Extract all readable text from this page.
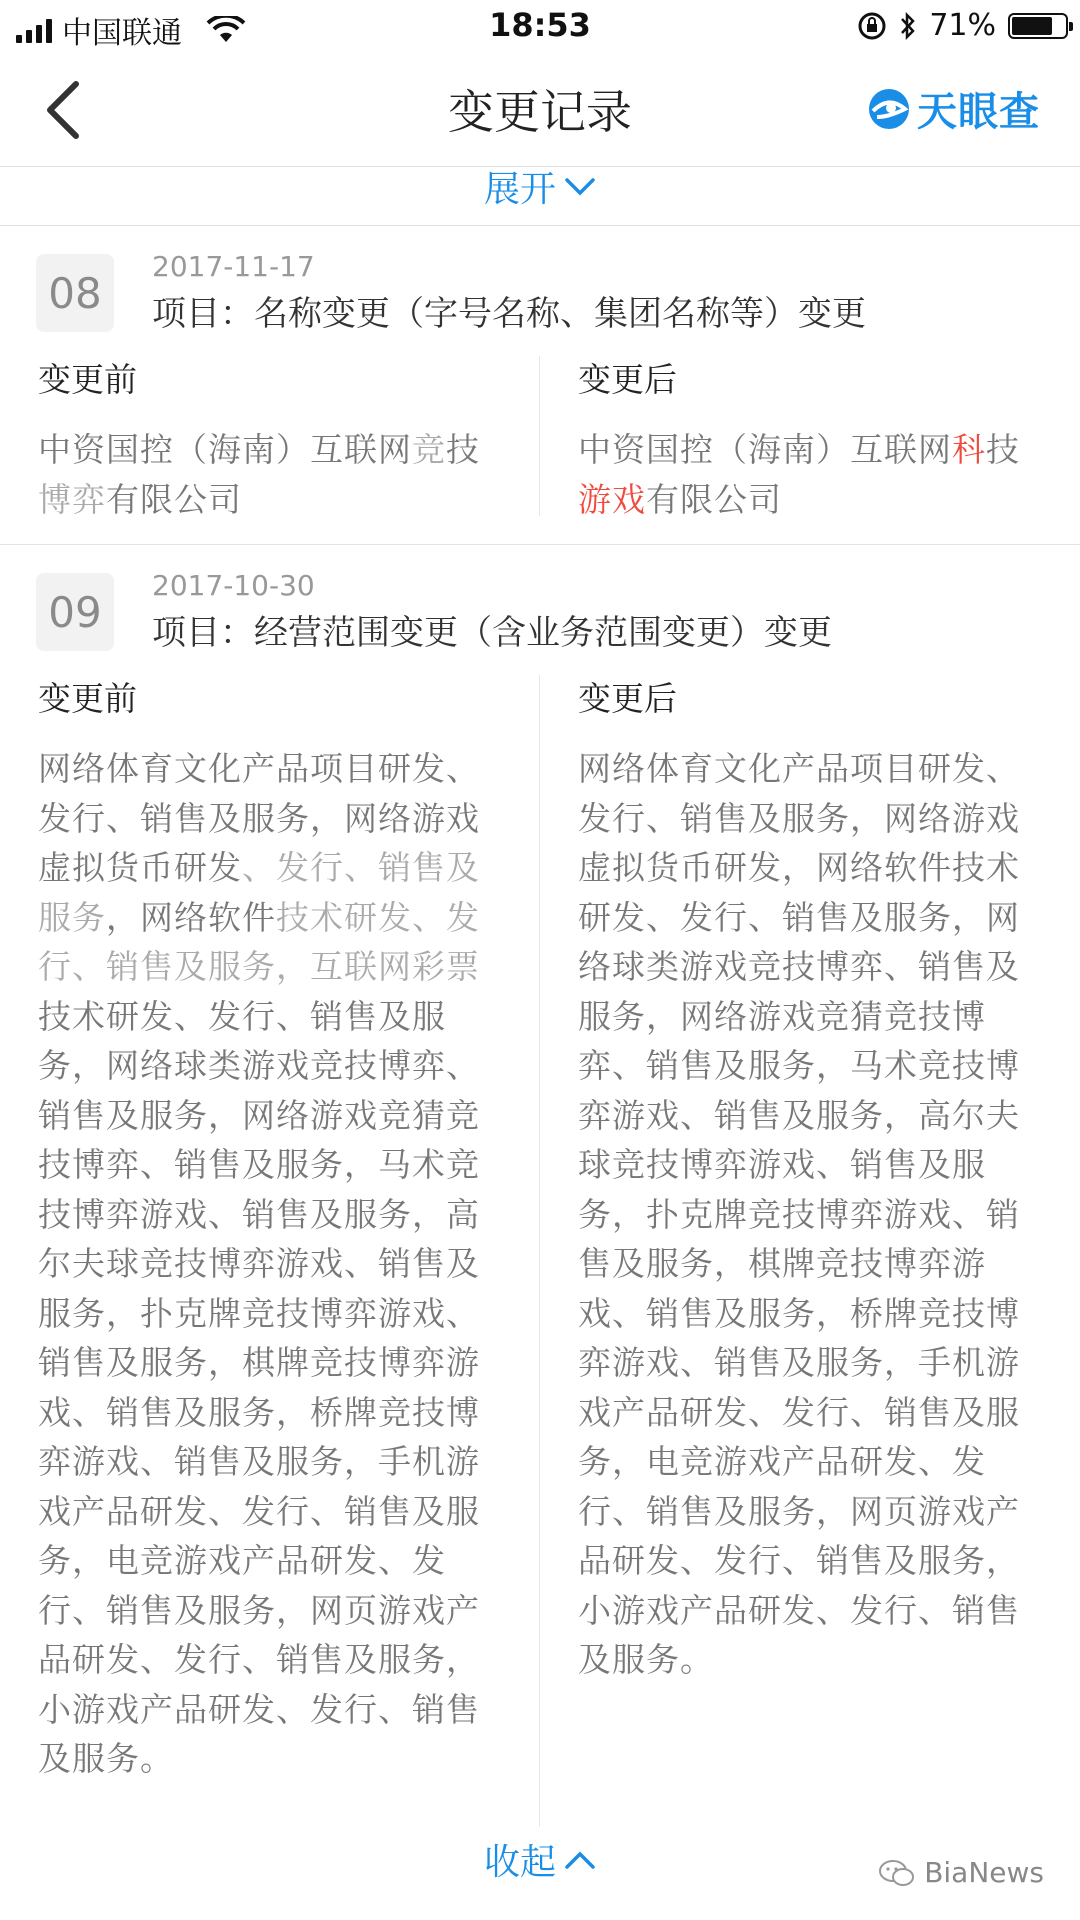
中国联通	18:53	71%
变更记录	天眼查
展开
08
2017-11-17
项目：名称变更（字号名称、集团名称等）变更
变更前
中资国控（海南）互联网竞技博弈有限公司
变更后
中资国控（海南）互联网科技游戏有限公司
09
2017-10-30
项目：经营范围变更（含业务范围变更）变更
变更前
网络体育文化产品项目研发、发行、销售及服务，网络游戏虚拟货币研发、发行、销售及服务，网络软件技术研发、发行、销售及服务，互联网彩票技术研发、发行、销售及服务，网络球类游戏竞技博弈、销售及服务，网络游戏竞猜竞技博弈、销售及服务，马术竞技博弈游戏、销售及服务，高尔夫球竞技博弈游戏、销售及服务，扑克牌竞技博弈游戏、销售及服务，棋牌竞技博弈游戏、销售及服务，桥牌竞技博弈游戏、销售及服务，手机游戏产品研发、发行、销售及服务，电竞游戏产品研发、发行、销售及服务，网页游戏产品研发、发行、销售及服务，小游戏产品研发、发行、销售及服务。
变更后
网络体育文化产品项目研发、发行、销售及服务，网络游戏虚拟货币研发，网络软件技术研发、发行、销售及服务，网络球类游戏竞技博弈、销售及服务，网络游戏竞猜竞技博弈、销售及服务，马术竞技博弈游戏、销售及服务，高尔夫球竞技博弈游戏、销售及服务，扑克牌竞技博弈游戏、销售及服务，棋牌竞技博弈游戏、销售及服务，桥牌竞技博弈游戏、销售及服务，手机游戏产品研发、发行、销售及服务，电竞游戏产品研发、发行、销售及服务，网页游戏产品研发、发行、销售及服务，小游戏产品研发、发行、销售及服务。
收起	BiaNews
